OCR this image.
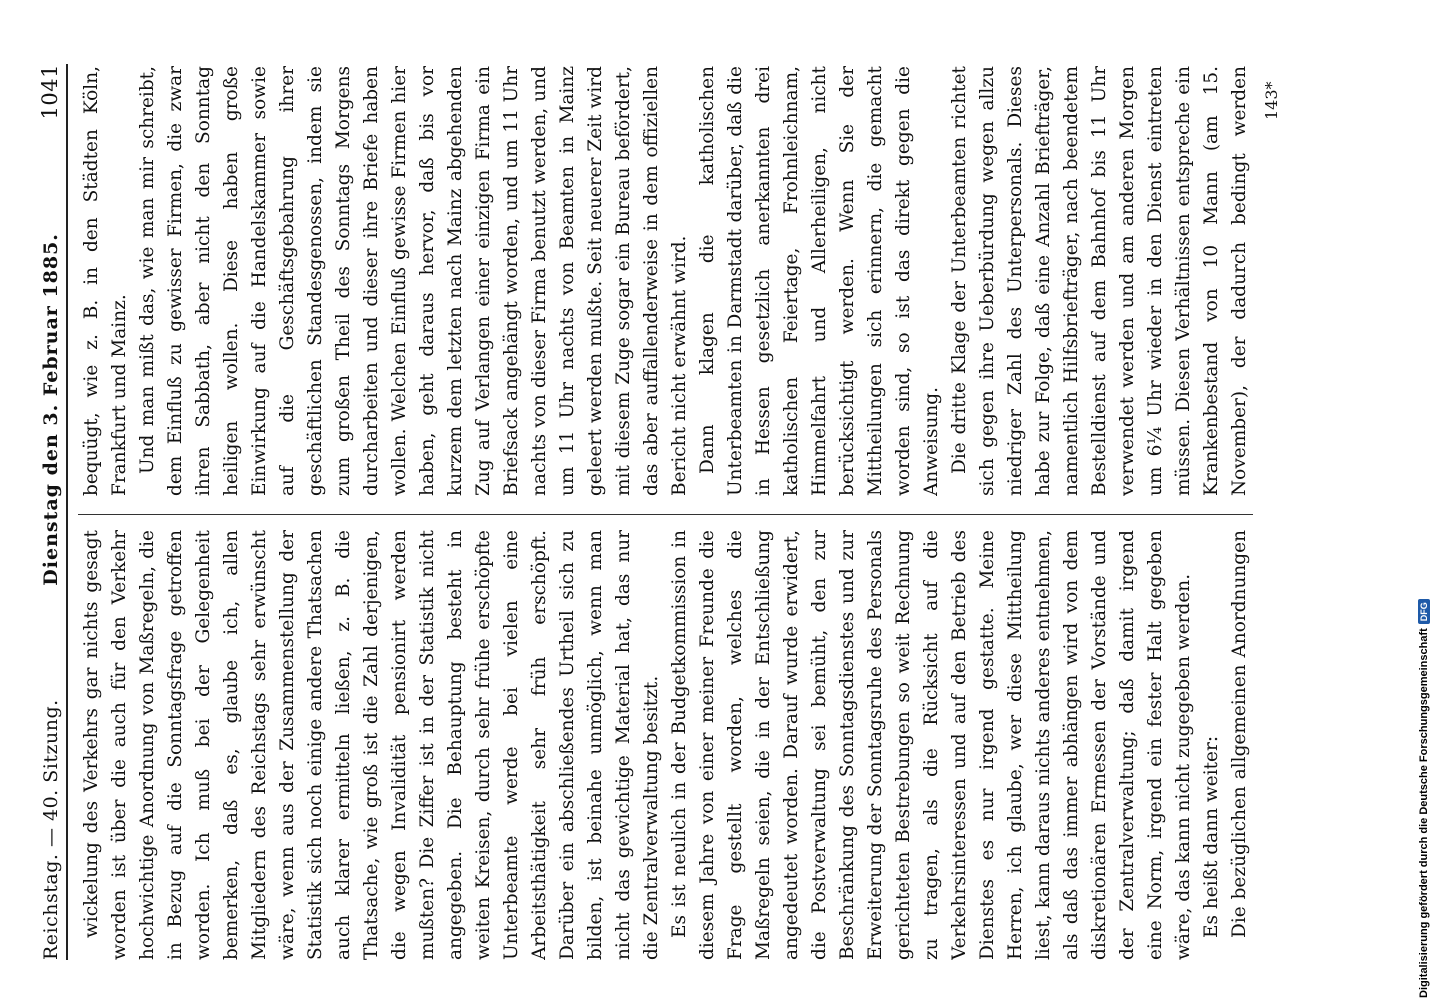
Reichstag. — 40. Sitzung.
Dienstag den 3. Februar 1885.
1041

wickelung des Verkehrs gar nichts gesagt worden ist über die auch für den Verkehr hochwichtige Anordnung von Maßregeln, die in Bezug auf die Sonntagsfrage getroffen worden. Ich muß bei der Gelegenheit bemerken, daß es, glaube ich, allen Mitgliedern des Reichstags sehr erwünscht wäre, wenn aus der Zusammenstellung der Statistik sich noch einige andere Thatsachen auch klarer ermitteln ließen, z. B. die Thatsache, wie groß ist die Zahl derjenigen, die wegen Invalidität pensionirt werden mußten? Die Ziffer ist in der Statistik nicht angegeben. Die Behauptung besteht in weiten Kreisen, durch sehr frühe erschöpfte Unterbeamte werde bei vielen eine Arbeitsthätigkeit sehr früh erschöpft. Darüber ein abschließendes Urtheil sich zu bilden, ist beinahe unmöglich, wenn man nicht das gewichtige Material hat, das nur die Zentralverwaltung besitzt. Es ist neulich in der Budgetkommission in diesem Jahre von einer meiner Freunde die Frage gestellt worden, welches die Maßregeln seien, die in der Entschließung angedeutet worden. Darauf wurde erwidert, die Postverwaltung sei bemüht, den zur Beschränkung des Sonntagsdienstes und zur Erweiterung der Sonntagsruhe des Personals gerichteten Bestrebungen so weit Rechnung zu tragen, als die Rücksicht auf die Verkehrsinteressen und auf den Betrieb des Dienstes es nur irgend gestatte. Meine Herren, ich glaube, wer diese Mittheilung liest, kann daraus nichts anderes entnehmen, als daß das immer abhängen wird von dem diskretionären Ermessen der Vorstände und der Zentralverwaltung; daß damit irgend eine Norm, irgend ein fester Halt gegeben wäre, das kann nicht zugegeben werden. Es heißt dann weiter: Die bezüglichen allgemeinen Anordnungen

bequügt, wie z. B. in den Städten Köln, Frankfurt und Mainz. Und man mißt das, wie man mir schreibt, dem Einfluß zu gewisser Firmen, die zwar ihren Sabbath, aber nicht den Sonntag heiligen wollen. Diese haben große Einwirkung auf die Handelskammer sowie auf die Geschäftsgebahrung ihrer geschäftlichen Standesgenossen, indem sie zum großen Theil des Sonntags Morgens durcharbeiten und dieser ihre Briefe haben wollen. Welchen Einfluß gewisse Firmen hier haben, geht daraus hervor, daß bis vor kurzem dem letzten nach Mainz abgehenden Zug auf Verlangen einer einzigen Firma ein Briefsack angehängt worden, und um 11 Uhr nachts von dieser Firma benutzt werden, und um 11 Uhr nachts von Beamten in Mainz geleert werden mußte. Seit neuerer Zeit wird mit diesem Zuge sogar ein Bureau befördert, das aber auffallenderweise in dem offiziellen Bericht nicht erwähnt wird. Dann klagen die katholischen Unterbeamten in Darmstadt darüber, daß die in Hessen gesetzlich anerkannten drei katholischen Feiertage, Frohnleichnam, Himmelfahrt und Allerheiligen, nicht berücksichtigt werden. Wenn Sie der Mittheilungen sich erinnern, die gemacht worden sind, so ist das direkt gegen die Anweisung. Die dritte Klage der Unterbeamten richtet sich gegen ihre Ueberbürdung wegen allzu niedriger Zahl des Unterpersonals. Dieses habe zur Folge, daß eine Anzahl Briefträger, namentlich Hilfsbriefträger, nach beendetem Bestelldienst auf dem Bahnhof bis 11 Uhr verwendet werden und am anderen Morgen um 6¼ Uhr wieder in den Dienst eintreten müssen. Diesen Verhältnissen entspreche ein Krankenbestand von 10 Mann (am 15. November), der dadurch bedingt werden 143*
Digitalisierung gefördert durch die Deutsche Forschungsgemeinschaft
DFG
